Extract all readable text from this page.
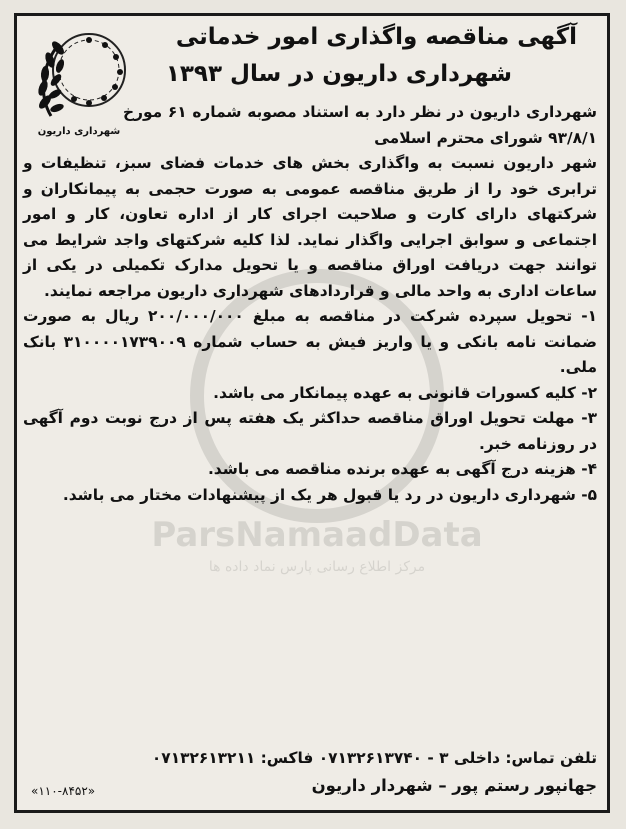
شهرداری داریون
آگهی مناقصه واگذاری امور خدماتی
شهرداری داریون در سال ۱۳۹۳

شهرداری داریون در نظر دارد به استناد مصوبه شماره ۶۱ مورخ ۹۳/۸/۱ شورای محترم اسلامی

شهر داریون نسبت به واگذاری بخش های خدمات فضای سبز، تنظیفات و ترابری خود را از طریق مناقصه عمومی به صورت حجمی به پیمانکاران و شرکتهای دارای کارت و صلاحیت اجرای کار از اداره تعاون، کار و امور اجتماعی و سوابق اجرایی واگذار نماید. لذا کلیه شرکتهای واجد شرایط می توانند جهت دریافت اوراق مناقصه و یا تحویل مدارک تکمیلی در یکی از ساعات اداری به واحد مالی و قراردادهای شهرداری داریون مراجعه نمایند.

۱- تحویل سپرده شرکت در مناقصه به مبلغ ۲۰۰/۰۰۰/۰۰۰ ریال به صورت ضمانت نامه بانکی و یا واریز فیش به حساب شماره ۳۱۰۰۰۰۱۷۳۹۰۰۹ بانک ملی.

۲- کلیه کسورات قانونی به عهده پیمانکار می باشد.

۳- مهلت تحویل اوراق مناقصه حداکثر یک هفته پس از درج نوبت دوم آگهی در روزنامه خبر.

۴- هزینه درج آگهی به عهده برنده مناقصه می باشد.

۵- شهرداری داریون در رد یا قبول هر یک از پیشنهادات مختار می باشد.

تلفن تماس: داخلی ۳ - ۰۷۱۳۲۶۱۳۷۴۰ فاکس: ۰۷۱۳۲۶۱۳۲۱۱
جهانپور رستم پور – شهردار داریون
«۱۱۰-۸۴۵۲»
ParsNamaadData
مرکز اطلاع رسانی پارس نماد داده ها
